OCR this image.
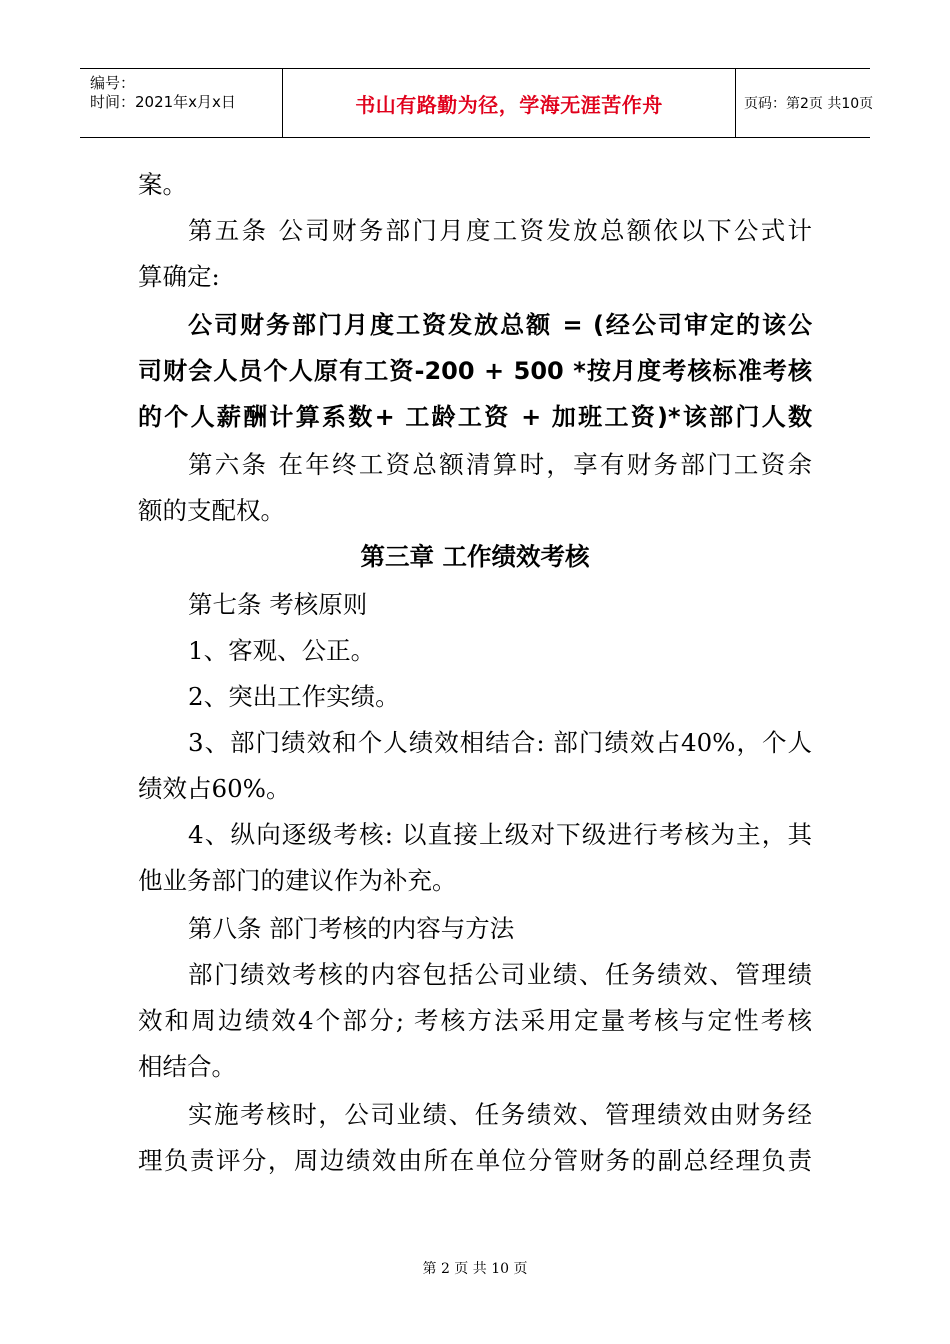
编号：
时间：2021年x月x日	书山有路勤为径，学海无涯苦作舟	页码：第2页 共10页
案。
第五条 公司财务部门月度工资发放总额依以下公式计
算确定:
公司财务部门月度工资发放总额 = (经公司审定的该公
司财会人员个人原有工资-200 + 500 *按月度考核标准考核
的个人薪酬计算系数+ 工龄工资 + 加班工资)*该部门人数
第六条 在年终工资总额清算时，享有财务部门工资余
额的支配权。
第三章 工作绩效考核
第七条 考核原则
1、客观、公正。
2、突出工作实绩。
3、部门绩效和个人绩效相结合: 部门绩效占40%，个人
绩效占60%。
4、纵向逐级考核: 以直接上级对下级进行考核为主，其
他业务部门的建议作为补充。
第八条 部门考核的内容与方法
部门绩效考核的内容包括公司业绩、任务绩效、管理绩
效和周边绩效4个部分; 考核方法采用定量考核与定性考核
相结合。
实施考核时，公司业绩、任务绩效、管理绩效由财务经
理负责评分，周边绩效由所在单位分管财务的副总经理负责
第 2 页 共 10 页
